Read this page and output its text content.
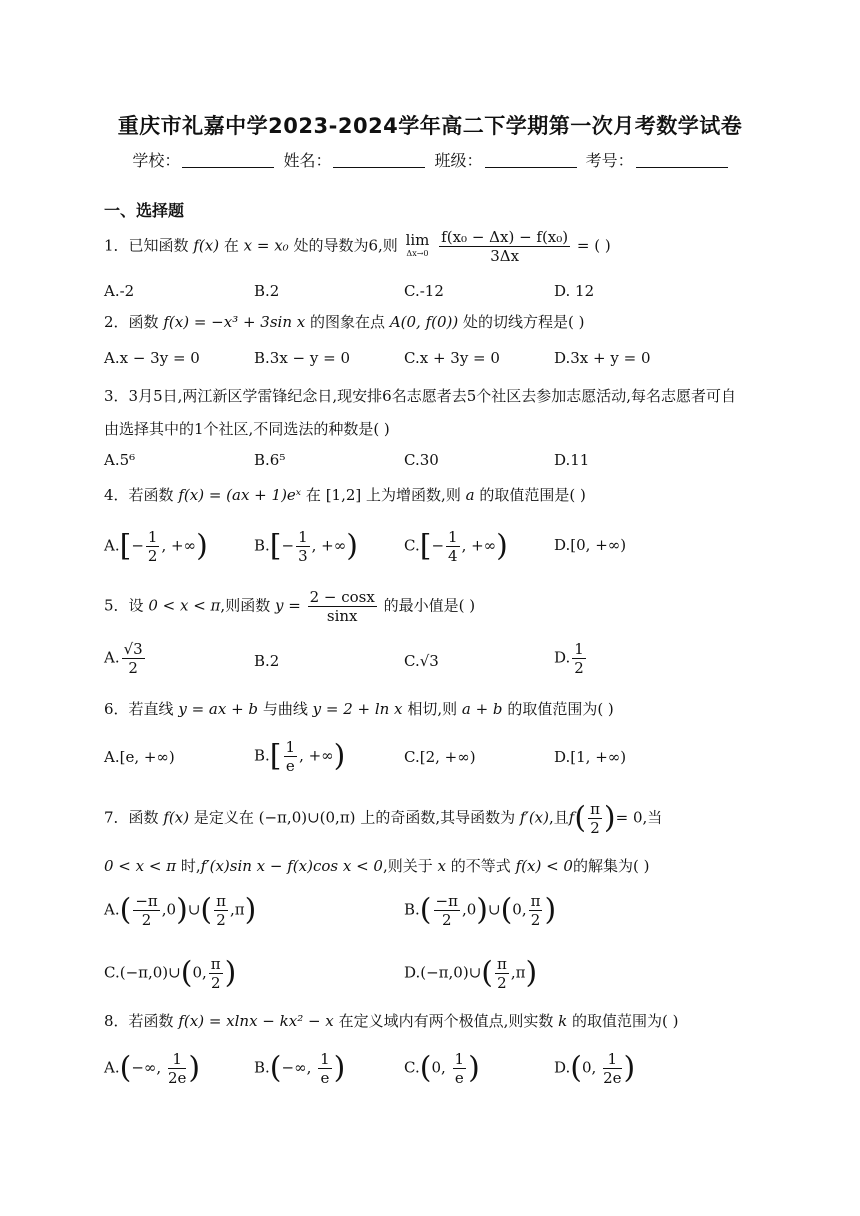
重庆市礼嘉中学2023-2024学年高二下学期第一次月考数学试卷
学校：	姓名：	班级：	考号：
一、选择题
1．已知函数 f(x) 在 x = x₀ 处的导数为6,则 lim
Δx→0
$\frac{\text{f(x₀ − Δx) − f(x₀)}}{3\Delta x}$ = ( )
A.-2	B.2	C.-12	D. 12
2．函数 f(x) = −x³ + 3sin x 的图象在点 A(0, f(0)) 处的切线方程是( )
A.x − 3y = 0	B.3x − y = 0	C.x + 3y = 0	D.3x + y = 0
3．3月5日,两江新区学雷锋纪念日,现安排6名志愿者去5个社区去参加志愿活动,每名志愿者可自由选择其中的1个社区,不同选法的种数是( )
A.5⁶	B.6⁵	C.30	D.11
4．若函数 f(x) = (ax + 1)eˣ 在 [1,2] 上为增函数,则 a 的取值范围是( )
$A.[- \frac{1}{2}$ , +∞)	$B.[- \frac{1}{3}$ , +∞)	$C.[- \frac{1}{4}$ , +∞)	D.[0, +∞)
5．设 0 < x < π,则函数 $y = \frac{2 - \cos x}{\sin x}$ 的最小值是( )
A. $\frac{√3}{2}$	B.2	C.√3	D. $\frac{1}{2}$
6．若直线 y = ax + b 与曲线 y = 2 + ln x 相切,则 a + b 的取值范围为( )
A.[e, +∞)	$B.[ \frac{1}{e}$ , +∞)	C.[2, +∞)	D.[1, +∞)
7．函数 f(x) 是定义在 (−π,0)∪(0,π) 上的奇函数,其导函数为 f′(x),且$f( \frac{\pi}{2}$ )= 0,当
0 < x < π 时,f′(x)sin x − f(x)cos x < 0,则关于 x 的不等式 f(x) < 0的解集为( )
$A.( \frac{-\pi}{2}$ ,0)∪( $\frac{\pi}{2} ,\pi$)	$B.( \frac{-\pi}{2}$ ,0)∪(0, $\frac{\pi}{2}$ )
C.(−π,0)∪(0, $\frac{\pi}{2}$ )	D.(−π,0)∪( $\frac{\pi}{2} ,\pi$)
8．若函数 f(x) = xlnx − kx² − x 在定义域内有两个极值点,则实数 k 的取值范围为( )
A.(−∞, $\frac{1}{2e}$ )	B.(−∞, $\frac{1}{e}$ )	C.(0, $\frac{1}{e}$ )	D.(0, $\frac{1}{2e}$ )
